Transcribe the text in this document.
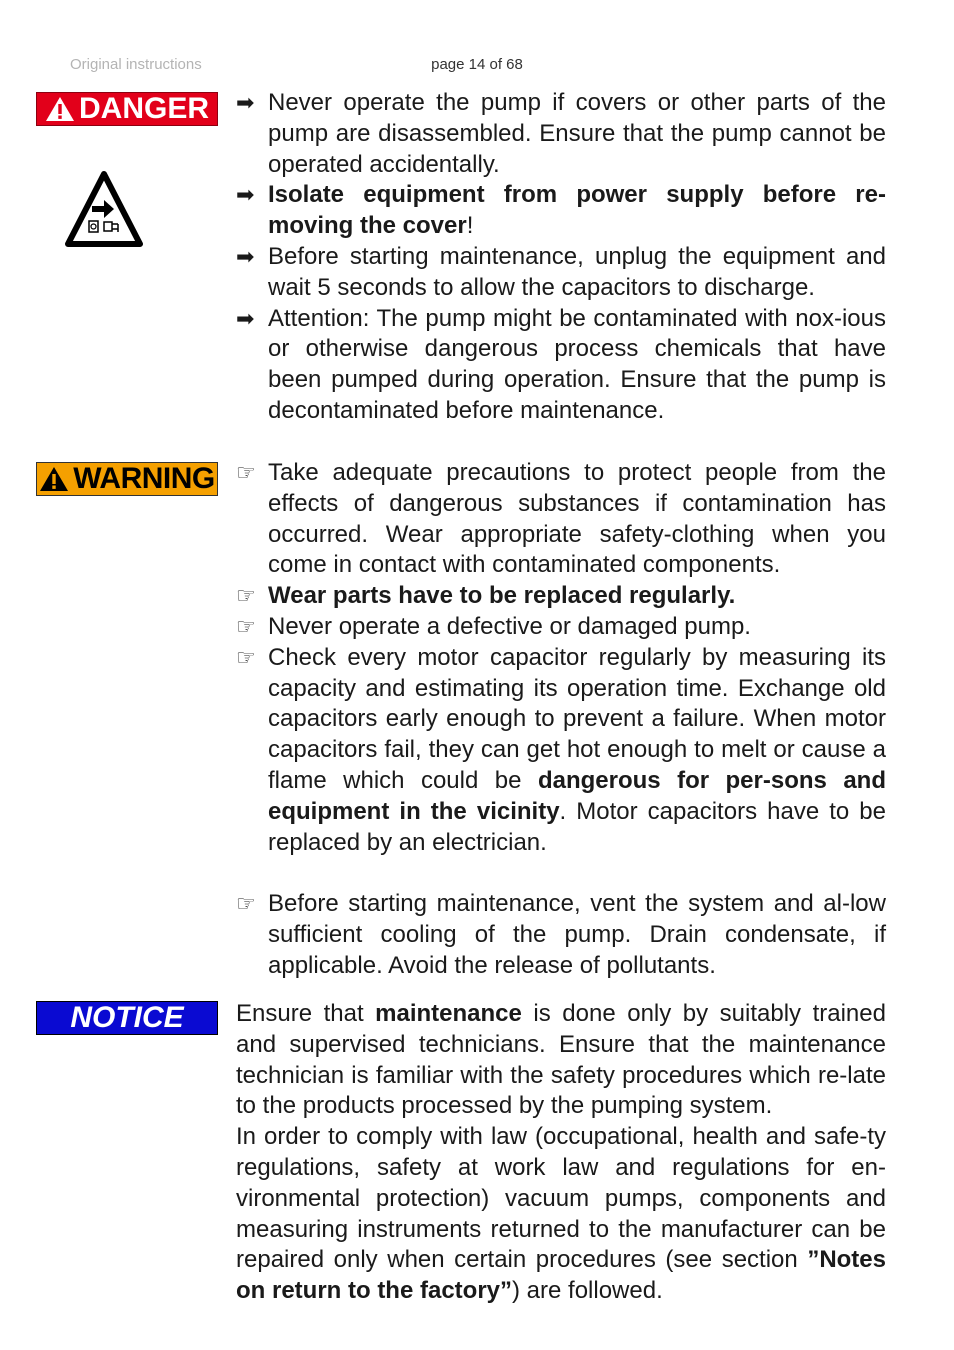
Original instructions	page 14 of 68
DANGER ➡ Never operate the pump if covers or other parts of the pump are disassembled. Ensure that the pump cannot be operated accidentally.
➡ Isolate equipment from power supply before re-moving the cover!
➡ Before starting maintenance, unplug the equipment and wait 5 seconds to allow the capacitors to discharge.
➡ Attention: The pump might be contaminated with nox-ious or otherwise dangerous process chemicals that have been pumped during operation. Ensure that the pump is decontaminated before maintenance.
WARNING ☞ Take adequate precautions to protect people from the effects of dangerous substances if contamination has occurred. Wear appropriate safety-clothing when you come in contact with contaminated components.
☞ Wear parts have to be replaced regularly.
☞ Never operate a defective or damaged pump.
☞ Check every motor capacitor regularly by measuring its capacity and estimating its operation time. Exchange old capacitors early enough to prevent a failure. When motor capacitors fail, they can get hot enough to melt or cause a flame which could be dangerous for per-sons and equipment in the vicinity. Motor capacitors have to be replaced by an electrician.
☞ Before starting maintenance, vent the system and al-low sufficient cooling of the pump. Drain condensate, if applicable. Avoid the release of pollutants.
NOTICE Ensure that maintenance is done only by suitably trained and supervised technicians. Ensure that the maintenance technician is familiar with the safety procedures which re-late to the products processed by the pumping system.

In order to comply with law (occupational, health and safe-ty regulations, safety at work law and regulations for en-vironmental protection) vacuum pumps, components and measuring instruments returned to the manufacturer can be repaired only when certain procedures (see section ”Notes on return to the factory”) are followed.
